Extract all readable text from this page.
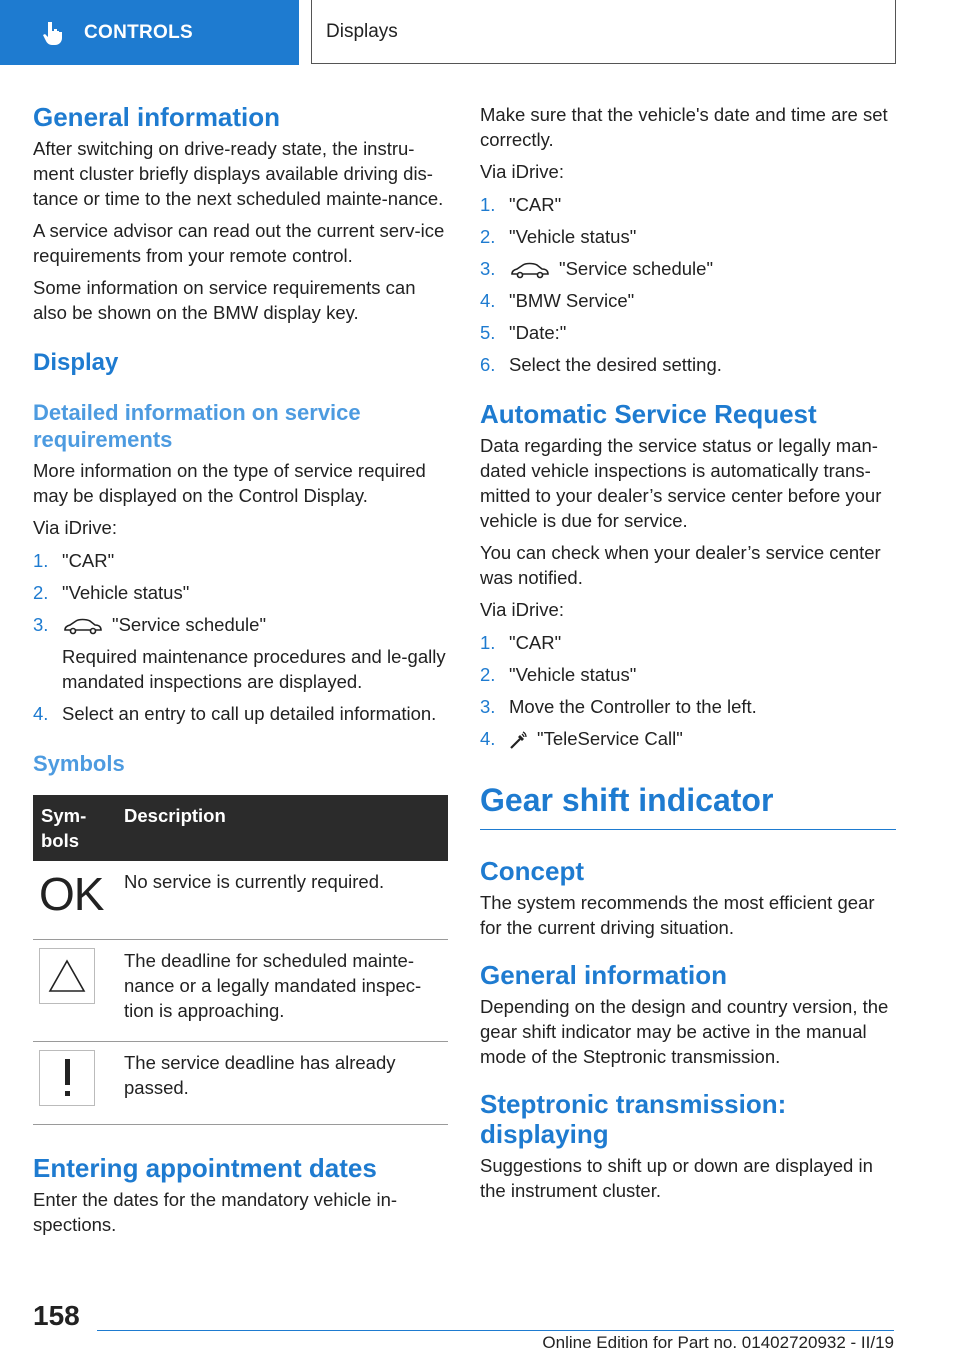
CONTROLS	Displays
General information

After switching on drive-ready state, the instru-ment cluster briefly displays available driving dis-tance or time to the next scheduled mainte-nance.

A service advisor can read out the current serv-ice requirements from your remote control.

Some information on service requirements can also be shown on the BMW display key.

Display
Detailed information on service requirements

More information on the type of service required may be displayed on the Control Display.

Via iDrive:

1. "CAR"
2. "Vehicle status"
3.	"Service schedule"
Required maintenance procedures and le-gally mandated inspections are displayed.
4. Select an entry to call up detailed information.
Symbols
Sym-bols	Description
OK	No service is currently required.

	The deadline for scheduled mainte-nance or a legally mandated inspec-tion is approaching.

	The service deadline has already passed.
Entering appointment dates

Enter the dates for the mandatory vehicle in-spections.

Make sure that the vehicle's date and time are set correctly.

Via iDrive:

1. "CAR"
2. "Vehicle status"
3.	"Service schedule"
4. "BMW Service"
5. "Date:"
6. Select the desired setting.
Automatic Service Request

Data regarding the service status or legally man-dated vehicle inspections is automatically trans-mitted to your dealer’s service center before your vehicle is due for service.

You can check when your dealer’s service center was notified.

Via iDrive:

1. "CAR"
2. "Vehicle status"
3. Move the Controller to the left.
4. "TeleService Call"
Gear shift indicator
Concept

The system recommends the most efficient gear for the current driving situation.

General information

Depending on the design and country version, the gear shift indicator may be active in the manual mode of the Steptronic transmission.

Steptronic transmission: displaying

Suggestions to shift up or down are displayed in the instrument cluster.

158
Online Edition for Part no. 01402720932 - II/19
